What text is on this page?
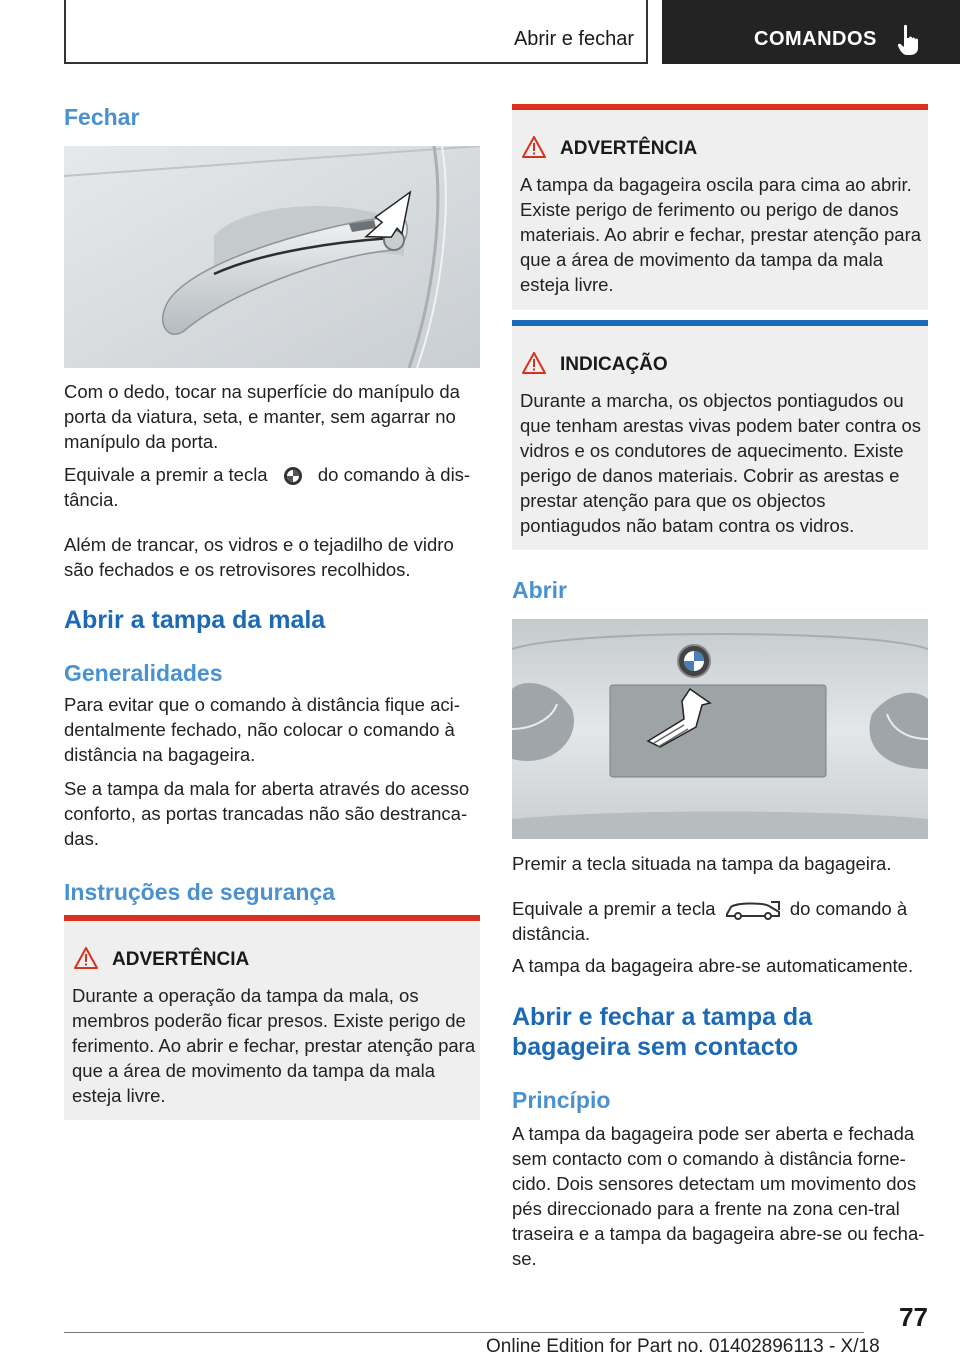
Abrir e fechar	COMANDOS
Fechar

Com o dedo, tocar na superfície do manípulo da porta da viatura, seta, e manter, sem agarrar no manípulo da porta.

Equivale a premir a tecla	do comando à dis-tância.

Além de trancar, os vidros e o tejadilho de vidro são fechados e os retrovisores recolhidos.

Abrir a tampa da mala
Generalidades

Para evitar que o comando à distância fique aci-dentalmente fechado, não colocar o comando à distância na bagageira.

Se a tampa da mala for aberta através do acesso conforto, as portas trancadas não são destranca-das.

Instruções de segurança
ADVERTÊNCIA
Durante a operação da tampa da mala, os membros poderão ficar presos. Existe perigo de ferimento. Ao abrir e fechar, prestar atenção para que a área de movimento da tampa da mala esteja livre.
ADVERTÊNCIA
A tampa da bagageira oscila para cima ao abrir. Existe perigo de ferimento ou perigo de danos materiais. Ao abrir e fechar, prestar atenção para que a área de movimento da tampa da mala esteja livre.
INDICAÇÃO
Durante a marcha, os objectos pontiagudos ou que tenham arestas vivas podem bater contra os vidros e os condutores de aquecimento. Existe perigo de danos materiais. Cobrir as arestas e prestar atenção para que os objectos pontiagudos não batam contra os vidros.
Abrir

Premir a tecla situada na tampa da bagageira.

Equivale a premir a tecla	do comando à distância.

A tampa da bagageira abre-se automaticamente.

Abrir e fechar a tampa da bagageira sem contacto
Princípio

A tampa da bagageira pode ser aberta e fechada sem contacto com o comando à distância forne-cido. Dois sensores detectam um movimento dos pés direccionado para a frente na zona cen-tral traseira e a tampa da bagageira abre-se ou fecha-se.

77
Online Edition for Part no. 01402896113 - X/18
